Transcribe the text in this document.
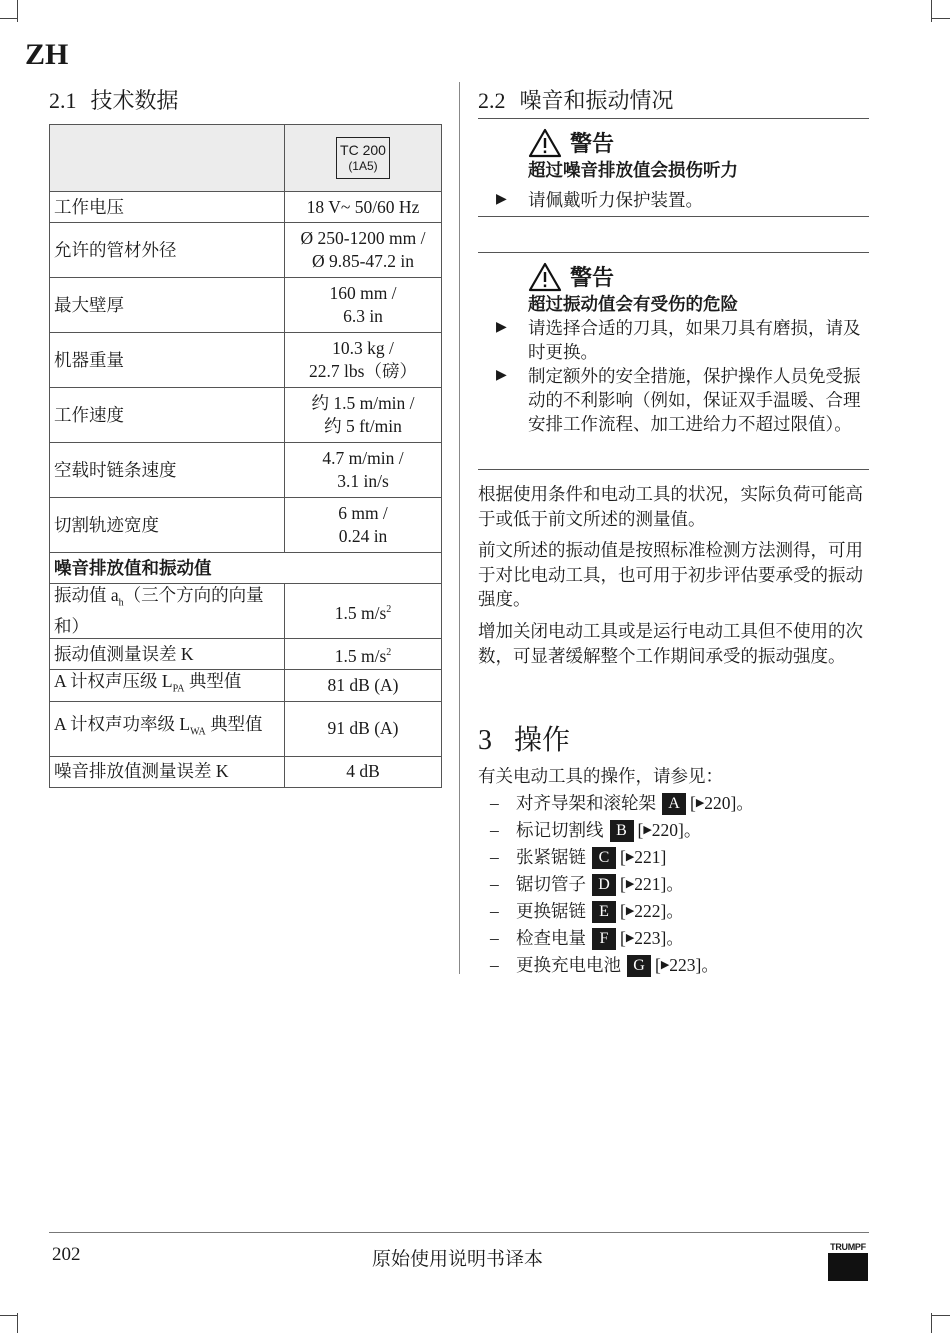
ZH
2.1 技术数据
	TC 200
(1A5)

工作电压	18 V~ 50/60 Hz
允许的管材外径	Ø 250-1200 mm /
Ø 9.85-47.2 in
最大壁厚	160 mm /
6.3 in
机器重量	10.3 kg /
22.7 lbs（磅）
工作速度	约 1.5 m/min /
约 5 ft/min
空载时链条速度	4.7 m/min /
3.1 in/s
切割轨迹宽度	6 mm /
0.24 in
噪音排放值和振动值	
振动值 $a_h$（三个方向的向量和）	1.5 $m/s^2$
振动值测量误差 K	1.5 $m/s^2$
A 计权声压级 $L_{PA}$ 典型值	81 dB (A)
A 计权声功率级 $L_{WA}$ 典型值	91 dB (A)
噪音排放值测量误差 K	4 dB
2.2 噪音和振动情况
警告
超过噪音排放值会损伤听力
▶	请佩戴听力保护装置。
警告
超过振动值会有受伤的危险
▶	请选择合适的刀具，如果刀具有磨损，请及时更换。
▶	制定额外的安全措施，保护操作人员免受振动的不利影响（例如，保证双手温暖、合理安排工作流程、加工进给力不超过限值）。

根据使用条件和电动工具的状况，实际负荷可能高于或低于前文所述的测量值。

前文所述的振动值是按照标准检测方法测得，可用于对比电动工具，也可用于初步评估要承受的振动强度。

增加关闭电动工具或是运行电动工具但不使用的次数，可显著缓解整个工作期间承受的振动强度。

3 操作

有关电动工具的操作，请参见：

– 对齐导架和滚轮架 A [ ▶ 220] 。
– 标记切割线 B [ ▶ 220] 。
– 张紧锯链 C [ ▶ 221]
– 锯切管子 D [ ▶ 221] 。
– 更换锯链 E [ ▶ 222] 。
– 检查电量 F [ ▶ 223] 。
– 更换充电电池 G [ ▶ 223] 。
202	原始使用说明书译本
TRUMPF
